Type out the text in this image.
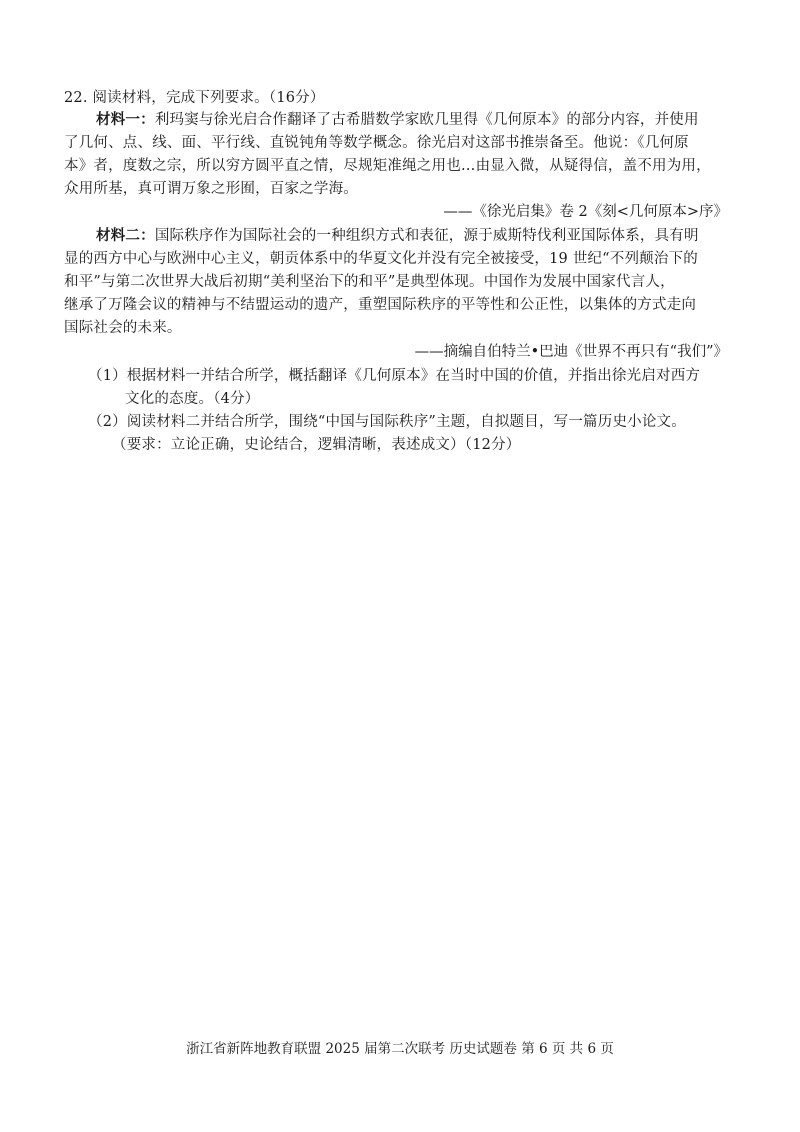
22. 阅读材料，完成下列要求。（16分）
材料一：利玛窦与徐光启合作翻译了古希腊数学家欧几里得《几何原本》的部分内容，并使用
了几何、点、线、面、平行线、直锐钝角等数学概念。徐光启对这部书推崇备至。他说：《几何原
本》者，度数之宗，所以穷方圆平直之情，尽规矩准绳之用也…由显入微，从疑得信，盖不用为用，
众用所基，真可谓万象之形囿，百家之学海。
——《徐光启集》卷 2《刻<几何原本>序》
材料二：国际秩序作为国际社会的一种组织方式和表征，源于威斯特伐利亚国际体系，具有明
显的西方中心与欧洲中心主义，朝贡体系中的华夏文化并没有完全被接受，19 世纪“不列颠治下的
和平”与第二次世界大战后初期“美利坚治下的和平”是典型体现。中国作为发展中国家代言人，
继承了万隆会议的精神与不结盟运动的遗产，重塑国际秩序的平等性和公正性，以集体的方式走向
国际社会的未来。
——摘编自伯特兰•巴迪《世界不再只有“我们”》
（1）根据材料一并结合所学，概括翻译《几何原本》在当时中国的价值，并指出徐光启对西方
文化的态度。（4分）
（2）阅读材料二并结合所学，围绕“中国与国际秩序”主题，自拟题目，写一篇历史小论文。
（要求：立论正确，史论结合，逻辑清晰，表述成文）（12分）
浙江省新阵地教育联盟 2025 届第二次联考 历史试题卷 第 6 页 共 6 页
